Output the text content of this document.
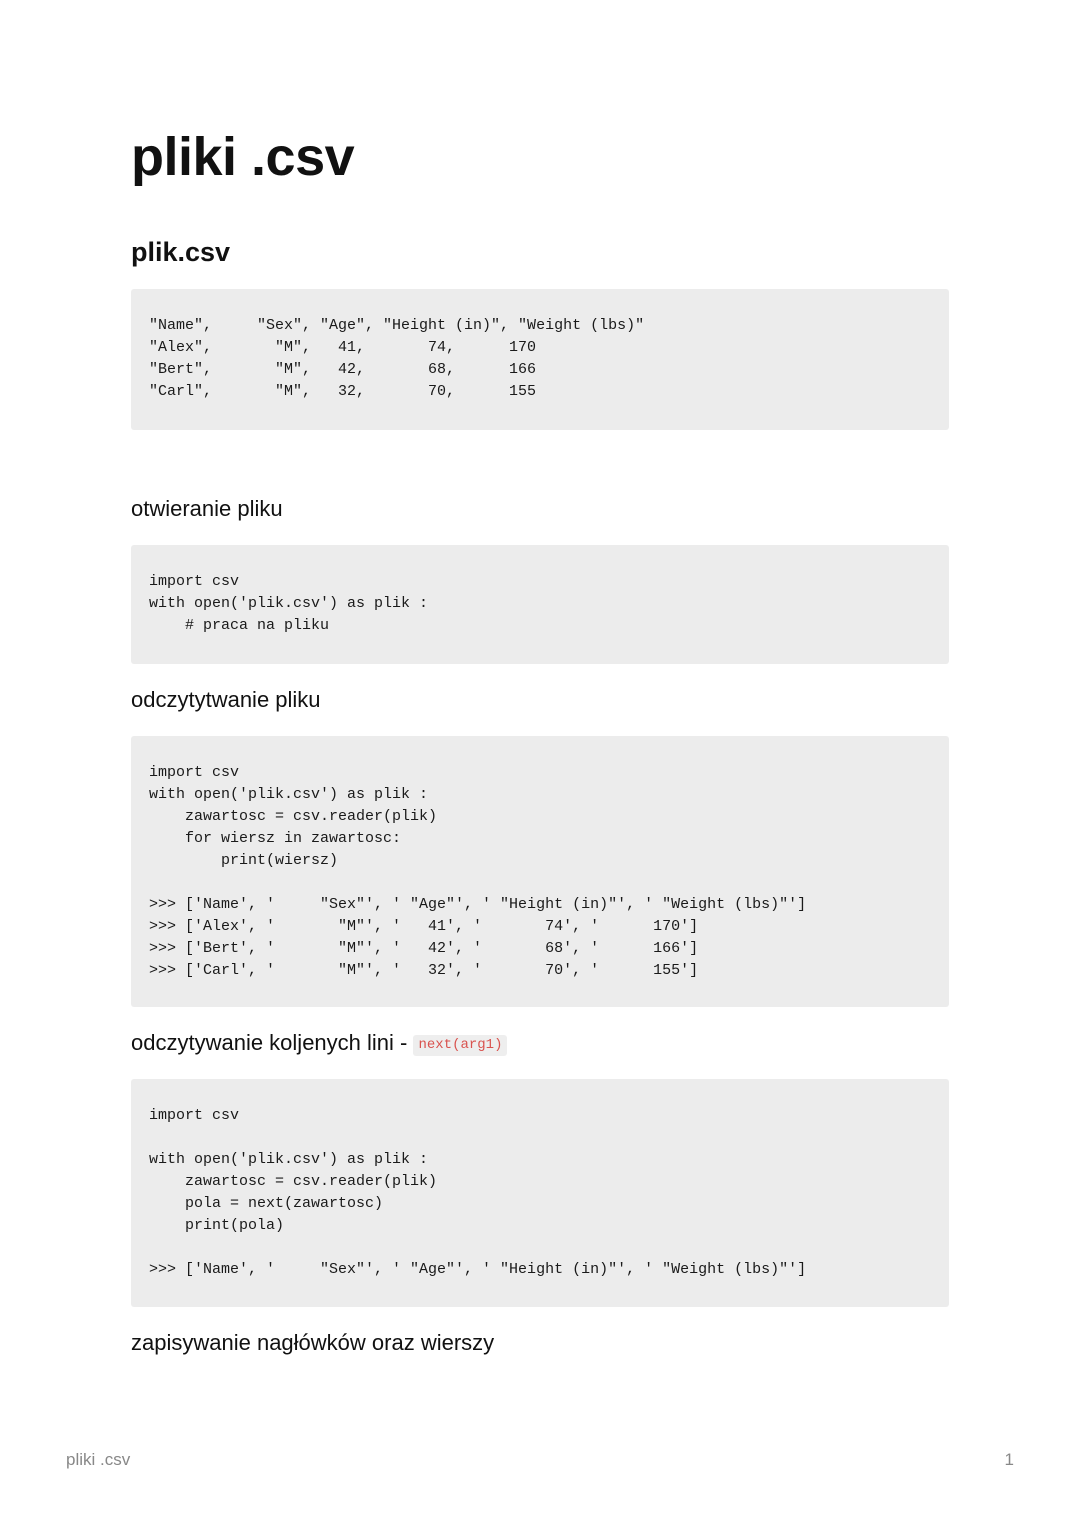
pliki .csv
plik.csv
"Name",     "Sex", "Age", "Height (in)", "Weight (lbs)"
"Alex",       "M",   41,       74,      170
"Bert",       "M",   42,       68,      166
"Carl",       "M",   32,       70,      155
otwieranie pliku
import csv
with open('plik.csv') as plik :
# praca na pliku
odczytytwanie pliku
import csv
with open('plik.csv') as plik :
zawartosc = csv.reader(plik)
for wiersz in zawartosc:
print(wiersz)

>>> ['Name', '     "Sex"', ' "Age"', ' "Height (in)"', ' "Weight (lbs)"']
>>> ['Alex', '       "M"', '   41', '       74', '      170']
>>> ['Bert', '       "M"', '   42', '       68', '      166']
>>> ['Carl', '       "M"', '   32', '       70', '      155']
odczytywanie koljenych lini - next(arg1)
import csv

with open('plik.csv') as plik :
zawartosc = csv.reader(plik)
pola = next(zawartosc)
print(pola)

>>> ['Name', '     "Sex"', ' "Age"', ' "Height (in)"', ' "Weight (lbs)"']
zapisywanie nagłówków oraz wierszy
pliki .csv	1
